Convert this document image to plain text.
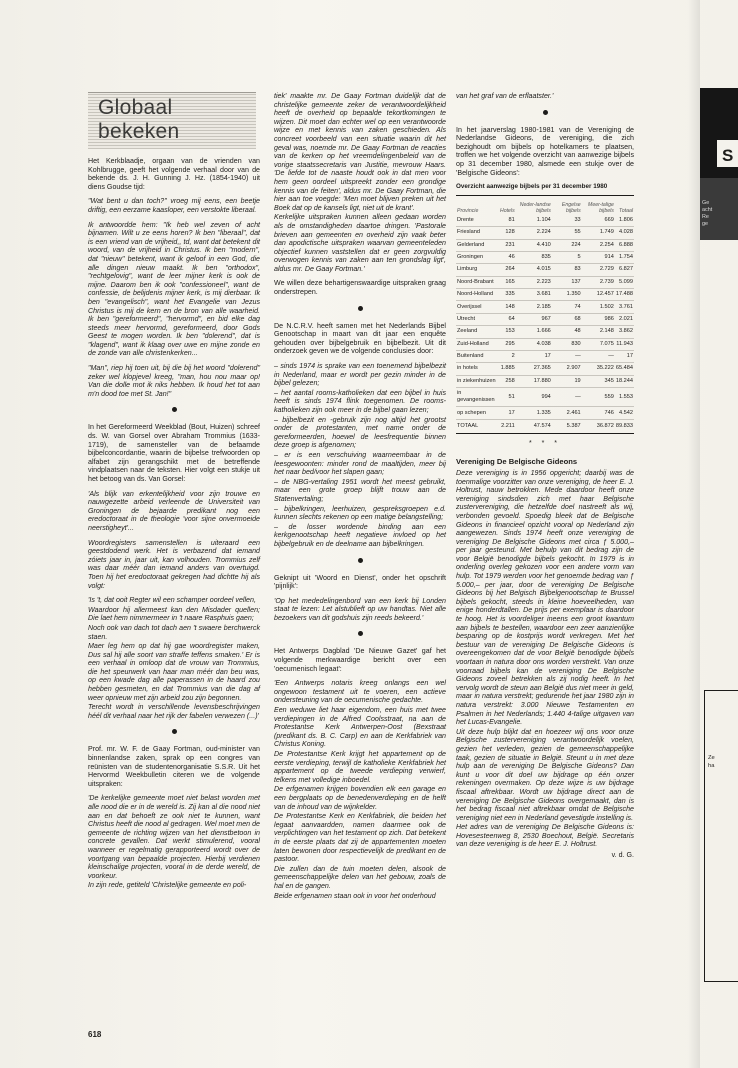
Globaal bekeken

Het Kerkblaadje, orgaan van de vrienden van Kohlbrugge, geeft het volgende verhaal door van de bekende ds. J. H. Gunning J. Hz. (1854-1940) uit diens Goudse tijd:

"Wat bent u dan toch?" vroeg mij eens, een beetje driftig, een eerzame kaasloper, een verstokte liberaal.

Ik antwoordde hem: "Ik heb wel zeven of acht bijnamen. Wilt u ze eens horen? Ik ben "liberaal", dat is een vriend van de vrijheid,, td, want dat betekent dit woord, van de vrijheid in Christus. Ik ben "modern", dat "nieuw" betekent, want ik geloof in een God, die alle dingen nieuw maakt. Ik ben "orthodox", "rechtgelovig", want de leer mijner kerk is ook de mijne. Daarom ben ik ook "confessioneel", want de confessie, de belijdenis mijner kerk, is mij dierbaar. Ik ben "evangelisch", want het Evangelie van Jezus Christus is mij de kern en de bron van alle waarheid. Ik ben "gereformeerd", "hervormd", en bid elke dag steeds meer hervormd, gereformeerd, door Gods Geest te mogen worden. Ik ben "dolerend", dat is "klagend", want ik klaag over uwe en mijne zonde en de zonde van alle christenkerken...

"Man", riep hij toen uit, bij die bij het woord "dolerend" zeker wel klopjevel kreeg, "man, hou nou maar op! Van die dolle mot ik niks hebben. Ik houd het tot aan m'n dood toe met St. Jan!"

In het Gereformeerd Weekblad (Bout, Huizen) schreef ds. W. van Gorsel over Abraham Trommius (1633-1719), de samensteller van de befaamde bijbelconcordantie, waarin de bijbelse trefwoorden op alfabet zijn gerangschikt met de betreffende vindplaatsen naar de teksten. Hier volgt een stukje uit het betoog van ds. Van Gorsel:

'Als blijk van erkentelijkheid voor zijn trouwe en nauwgezette arbeid verleende de Universiteit van Groningen de bejaarde predikant nog een eredoctoraat in de theologie 'voor sijne onvermoeide neerstigheyt'...

Woordregisters samenstellen is uiteraard een geestdodend werk. Het is verbazend dat iemand zóiets jaar in, jaar uit, kan volhouden. Trommius zelf was daar méér dan iemand anders van overtuigd. Toen hij het eredoctoraat gekregen had dichtte hij als volgt:

'Is 't, dat ooit Regter wil een schamper oordeel vellen,

Waardoor hij allermeest kan den Misdader quellen; Die laet hem nimmermeer in 't naare Rasphuis gaen;

Noch ook van dach tot dach aen 't swaere berchwerck staen.

Maer leg hem op dat hij gae woordregister maken, Dus sal hij alle soort van straffe teffens smaken.' Er is een verhaal in omloop dat de vrouw van Trommius, die het speurwerk van haar man méér dan beu was, op een kwade dag alle paperassen in de haard zou hebben gesmeten, en dat Trommius van die dag af weer opnieuw met zijn arbeid zou zijn begonnen.

Terecht wordt in verschillende levensbeschrijvingen héél dit verhaal naar het rijk der fabelen verwezen (...)'

Prof. mr. W. F. de Gaay Fortman, oud-minister van binnenlandse zaken, sprak op een congres van reünisten van de studentenorganisatie S.S.R. Uit het Hervormd Weekbulletin citeren we de volgende uitspraken:

'De kerkelijke gemeente moet niet belast worden met alle nood die er in de wereld is. Zij kan al die nood niet aan en dat behoeft ze ook niet te kunnen, want Christus heeft die nood al gedragen. Wel moet men de gemeente de richting wijzen van het dienstbetoon in concrete gevallen. Dat werkt stimulerend, vooral wanneer er regelmatig gerapporteerd wordt over de voortgang van bepaalde projecten. Hierbij verdienen kleinschalige projecten, vooral in de derde wereld, de voorkeur.

In zijn rede, getiteld 'Christelijke gemeente en poli-

tiek' maakte mr. De Gaay Fortman duidelijk dat de christelijke gemeente zeker de verantwoordelijkheid heeft de overheid op bepaalde tekortkomingen te wijzen. Dit moet dan echter wel op een verantwoorde wijze en met kennis van zaken geschieden. Als concreet voorbeeld van een situatie waarin dit het geval was, noemde mr. De Gaay Fortman de reacties van de kerken op het vreemdelingenbeleid van de vorige staatssecretaris van Justitie, mevrouw Haars. 'De liefde tot de naaste houdt ook in dat men voor hem geen oordeel uitspreekt zonder een grondige kennis van de feiten', aldus mr. De Gaay Fortman, die hier aan toe voegde: 'Men moet blijven preken uit het Boek dat op de kansels ligt, niet uit de krant'.

Kerkelijke uitspraken kunnen alleen gedaan worden als de omstandigheden daartoe dringen. 'Pastorale brieven aan gemeenten en overheid zijn vaak beter dan apodictische uitspraken waarvan gemeenteleden objectief kunnen vaststellen dat er geen zorgvuldig overwogen kennis van zaken aan ten grondslag ligt', aldus mr. De Gaay Fortman.'

We willen deze behartigenswaardige uitspraken graag onderstrepen.

De N.C.R.V. heeft samen met het Nederlands Bijbel Genootschap in maart van dit jaar een enquête gehouden over bijbelgebruik en bijbelbezit. Uit dit onderzoek geven we de volgende conclusies door:

– sinds 1974 is sprake van een toenemend bijbelbezit in Nederland, maar er wordt per gezin minder in de bijbel gelezen;

– het aantal rooms-katholieken dat een bijbel in huis heeft is sinds 1974 flink toegenomen. De rooms-katholieken zijn ook meer in de bijbel gaan lezen;

– bijbelbezit en -gebruik zijn nog altijd het grootst onder de protestanten, met name onder de gereformeerden, hoewel de leesfrequentie binnen deze groep is afgenomen;

– er is een verschuiving waarneembaar in de leesgewoonten: minder rond de maaltijden, meer bij het naar bed/voor het slapen gaan;

– de NBG-vertaling 1951 wordt het meest gebruikt, maar een grote groep blijft trouw aan de Statenvertaling;

– bijbelkringen, leerhuizen, gespreksgroepen e.d. kunnen slechts rekenen op een matige belangstelling;

– de losser wordende binding aan een kerkgenootschap heeft negatieve invloed op het bijbelgebruik en de deelname aan bijbelkringen.

Geknipt uit 'Woord en Dienst', onder het opschrift 'pijnlijk':

'Op het mededelingenbord van een kerk bij Londen staat te lezen: Let alstublieft op uw handtas. Niet alle bezoekers van dit godshuis zijn reeds bekeerd.'

Het Antwerps Dagblad 'De Nieuwe Gazet' gaf het volgende merkwaardige bericht over een 'oecumenisch legaat':

'Een Antwerps notaris kreeg onlangs een wel ongewoon testament uit te voeren, een actieve ondersteuning van de oecumenische gedachte.

Een weduwe liet haar eigendom, een huis met twee verdiepingen in de Alfred Coolsstraat, na aan de Protestantse Kerk Antwerpen-Oost (Bexstraat (predikant ds. B. C. Carp) en aan de Kerkfabriek van Christus Koning.

De Protestantse Kerk krijgt het appartement op de eerste verdieping, terwijl de katholieke Kerkfabriek het appartement op de tweede verdieping verwierf, telkens met volledige inboedel.

De erfgenamen krijgen bovendien elk een garage en een bergplaats op de benedenverdieping en de helft van de inhoud van de wijnkelder.

De Protestantse Kerk en Kerkfabriek, die beiden het legaat aanvaardden, namen daarmee ook de verplichtingen van het testament op zich. Dat betekent in de eerste plaats dat zij de appartementen moeten laten bewonen door respectievelijk de predikant en de pastoor.

Die zullen dan de tuin moeten delen, alsook de gemeenschappelijke delen van het gebouw, zoals de hal en de gangen.

Beide erfgenamen staan ook in voor het onderhoud

van het graf van de erflaatster.'

In het jaarverslag 1980-1981 van de Vereniging de Nederlandse Gideons, de vereniging, die zich bezighoudt om bijbels op hotelkamers te plaatsen, troffen we het volgende overzicht van aanwezige bijbels op 31 december 1980, alsmede een stukje over de 'Belgische Gideons':

Overzicht aanwezige bijbels per 31 december 1980
Provincie	Hotels	Neder-landse bijbels	Engelse bijbels	Meer-talige bijbels	Totaal
Drente	81	1.104	33	669	1.806
Friesland	128	2.224	55	1.749	4.028
Gelderland	231	4.410	224	2.254	6.888
Groningen	46	835	5	914	1.754
Limburg	264	4.015	83	2.729	6.827
Noord-Brabant	165	2.223	137	2.739	5.099
Noord-Holland	335	3.681	1.350	12.457	17.488
Overijssel	148	2.185	74	1.502	3.761
Utrecht	64	967	68	986	2.021
Zeeland	153	1.666	48	2.148	3.862
Zuid-Holland	295	4.038	830	7.075	11.943
Buitenland	2	17	—	—	17
in hotels	1.885	27.365	2.907	35.222	65.484
in ziekenhuizen	258	17.880	19	345	18.244
in gevangenissen	51	994	—	559	1.553
op schepen	17	1.335	2.461	746	4.542
TOTAAL	2.211	47.574	5.387	36.872	89.833
* * *
Vereniging De Belgische Gideons

Deze vereniging is in 1956 opgericht; daarbij was de toenmalige voorzitter van onze vereniging, de heer E. J. Holtrust, nauw betrokken. Mede daardoor heeft onze vereniging sindsdien zich met haar Belgische zustervereniging, die hetzelfde doel nastreeft als wij, verbonden gevoeld. Spoedig bleek dat de Belgische Gideons in financieel opzicht vooral op Nederland zijn aangewezen. Sinds 1974 heeft onze vereniging de vereniging De Belgische Gideons met circa ƒ 5.000,– per jaar gesteund. Met behulp van dit bedrag zijn de voor België benodigde bijbels gekocht. In 1979 is in onderling overleg gekozen voor een andere vorm van hulp. Tot 1979 werden voor het genoemde bedrag van ƒ 5.000,– per jaar, door de vereniging De Belgische Gideons bij het Belgisch Bijbelgenootschap te Brussel bijbels gekocht, steeds in kleine hoeveelheden, van enige honderdtallen. De prijs per exemplaar is daardoor te hoog. Het is voordeliger ineens een groot kwantum aan bijbels te bestellen, waardoor een zeer aanzienlijke besparing op de kostprijs wordt verkregen. Met het bestuur van de vereniging De Belgische Gideons is overeengekomen dat de voor België benodigde bijbels voortaan in natura door ons worden verstrekt. Van onze voorraad bijbels kan de vereniging De Belgische Gideons zoveel betrekken als zij nodig heeft. In het vervolg wordt de steun aan België dus niet meer in geld, maar in natura verstrekt; gedurende het jaar 1980 zijn in natura verstrekt: 3.000 Nieuwe Testamenten en Psalmen in het Nederlands; 1.440 4-talige uitgaven van het Lucas-Evangelie.

Uit deze hulp blijkt dat en hoezeer wij ons voor onze Belgische zustervereniging verantwoordelijk voelen, gezien het verleden, gezien de gemeenschappelijke taak, gezien de situatie in België. Steunt u in met deze hulp aan de vereniging De Belgische Gideons? Dan kunt u voor dit doel uw bijdrage op één onzer rekeningen overmaken. Op deze wijze is uw bijdrage fiscaal aftrekbaar. Wordt uw bijdrage direct aan de vereniging De Belgische Gideons overgemaakt, dan is het bedrag fiscaal niet aftrekbaar omdat de Belgische vereniging niet een in Nederland gevestigde instelling is.

Het adres van de vereniging De Belgische Gideons is: Hovesesteenweg 8, 2530 Boechout, België. Secretaris van deze vereniging is de heer E. J. Holtrust.

v. d. G.
618
S
Ge
acht
Re
ge
Ze
ha
